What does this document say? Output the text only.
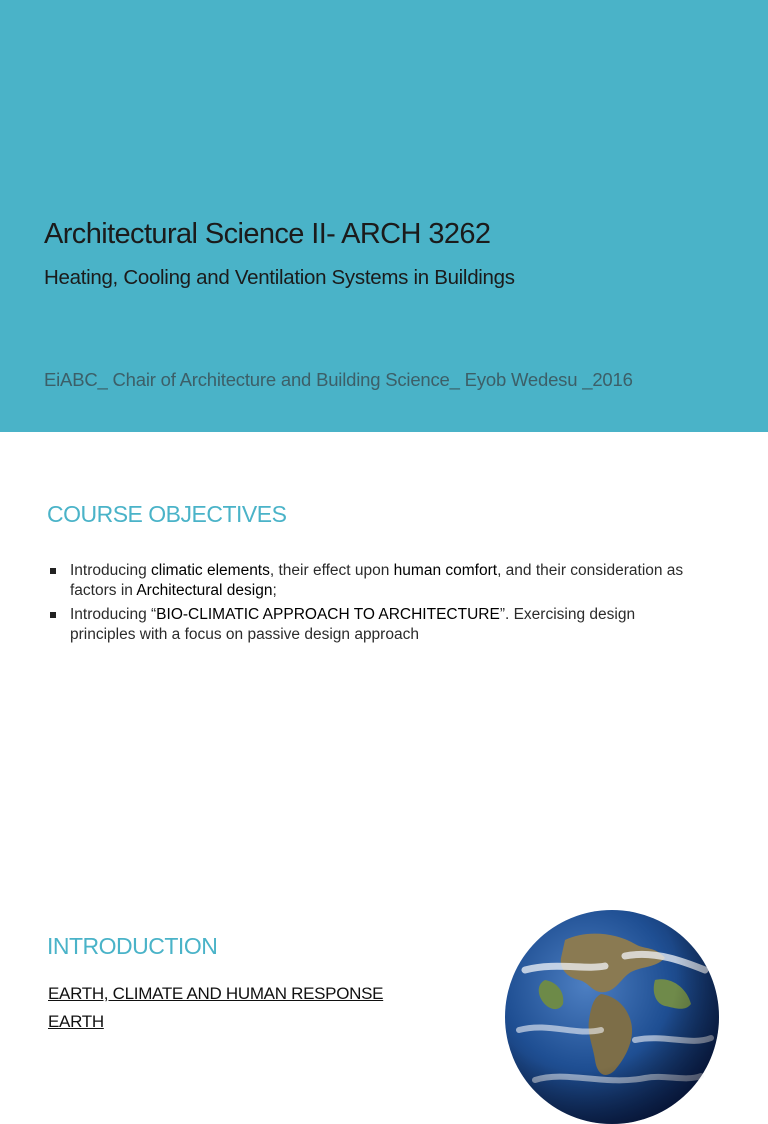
Architectural Science II- ARCH 3262
Heating, Cooling and Ventilation Systems in Buildings
EiABC_ Chair of Architecture and Building Science_ Eyob Wedesu _2016
COURSE OBJECTIVES
Introducing climatic elements, their effect upon human comfort, and their consideration as factors in Architectural design;
Introducing “BIO-CLIMATIC APPROACH TO ARCHITECTURE”. Exercising design principles with a focus on passive design approach
INTRODUCTION
EARTH, CLIMATE AND HUMAN RESPONSE
EARTH
